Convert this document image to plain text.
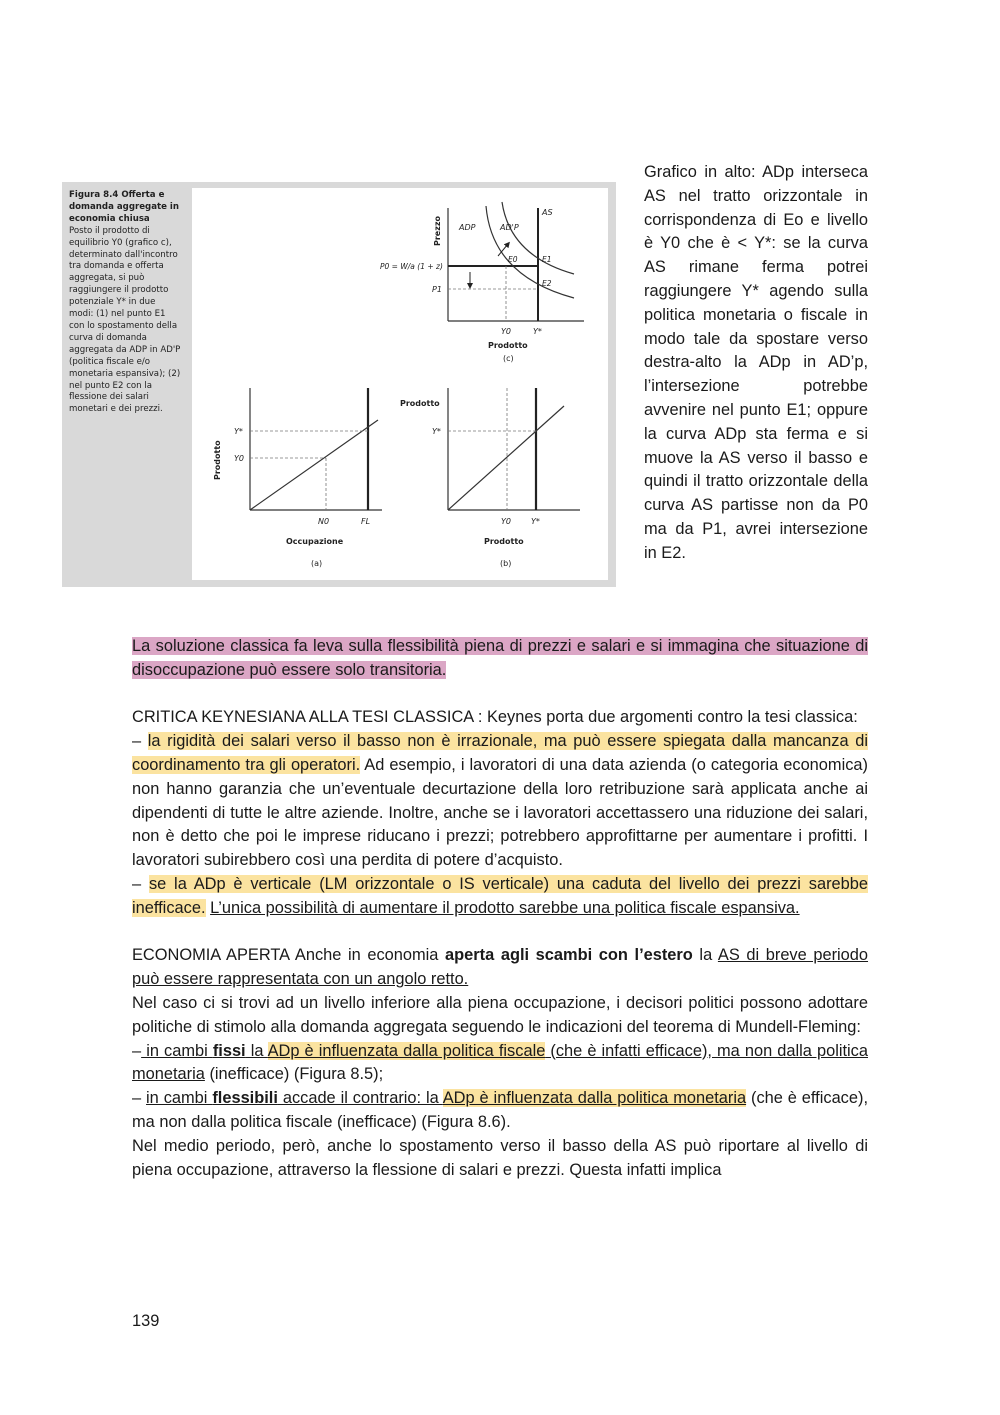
Figura 8.4 Offerta e domanda aggregate in economia chiusa
Posto il prodotto di equilibrio Y0 (grafico c), determinato dall'incontro tra domanda e offerta aggregata, si può raggiungere il prodotto potenziale Y* in due modi: (1) nel punto E1 con lo spostamento della curva di domanda aggregata da ADP in AD'P (politica fiscale e/o monetaria espansiva); (2) nel punto E2 con la flessione dei salari monetari e dei prezzi.
Prezzo
AS
ADP	AD'P
P0 = W/a (1 + z)
P1
E0	E1
E2
Y0	Y*
Prodotto
(c)
Prodotto
Y*
Y0
N0	FL
Occupazione
(a)
Prodotto
Y*
Y0	Y*
Prodotto
(b)
Grafico in alto: ADp interseca AS nel tratto orizzontale in corrispondenza di Eo e livello è Y0 che è < Y*: se la curva AS rimane ferma potrei raggiungere Y* agendo sulla politica monetaria o fiscale in modo tale da spostare verso destra-alto la ADp in AD’p, l’intersezione potrebbe avvenire nel punto E1; oppure la curva ADp sta ferma e si muove la AS verso il basso e quindi il tratto orizzontale della curva AS partisse non da P0 ma da P1, avrei intersezione in E2.

La soluzione classica fa leva sulla flessibilità piena di prezzi e salari e si immagina che situazione di disoccupazione può essere solo transitoria.

CRITICA KEYNESIANA ALLA TESI CLASSICA : Keynes porta due argomenti contro la tesi classica:

– la rigidità dei salari verso il basso non è irrazionale, ma può essere spiegata dalla mancanza di coordinamento tra gli operatori. Ad esempio, i lavoratori di una data azienda (o categoria economica) non hanno garanzia che un’eventuale decurtazione della loro retribuzione sarà applicata anche ai dipendenti di tutte le altre aziende. Inoltre, anche se i lavoratori accettassero una riduzione dei salari, non è detto che poi le imprese riducano i prezzi; potrebbero approfittarne per aumentare i profitti. I lavoratori subirebbero così una perdita di potere d’acquisto.

– se la ADp è verticale (LM orizzontale o IS verticale) una caduta del livello dei prezzi sarebbe inefficace. L’unica possibilità di aumentare il prodotto sarebbe una politica fiscale espansiva.

ECONOMIA APERTA Anche in economia aperta agli scambi con l’estero la AS di breve periodo può essere rappresentata con un angolo retto.

Nel caso ci si trovi ad un livello inferiore alla piena occupazione, i decisori politici possono adottare politiche di stimolo alla domanda aggregata seguendo le indicazioni del teorema di Mundell-Fleming:

– in cambi fissi la ADp è influenzata dalla politica fiscale (che è infatti efficace), ma non dalla politica monetaria (inefficace) (Figura 8.5);

– in cambi flessibili accade il contrario: la ADp è influenzata dalla politica monetaria (che è efficace), ma non dalla politica fiscale (inefficace) (Figura 8.6).

Nel medio periodo, però, anche lo spostamento verso il basso della AS può riportare al livello di piena occupazione, attraverso la flessione di salari e prezzi. Questa infatti implica

139
